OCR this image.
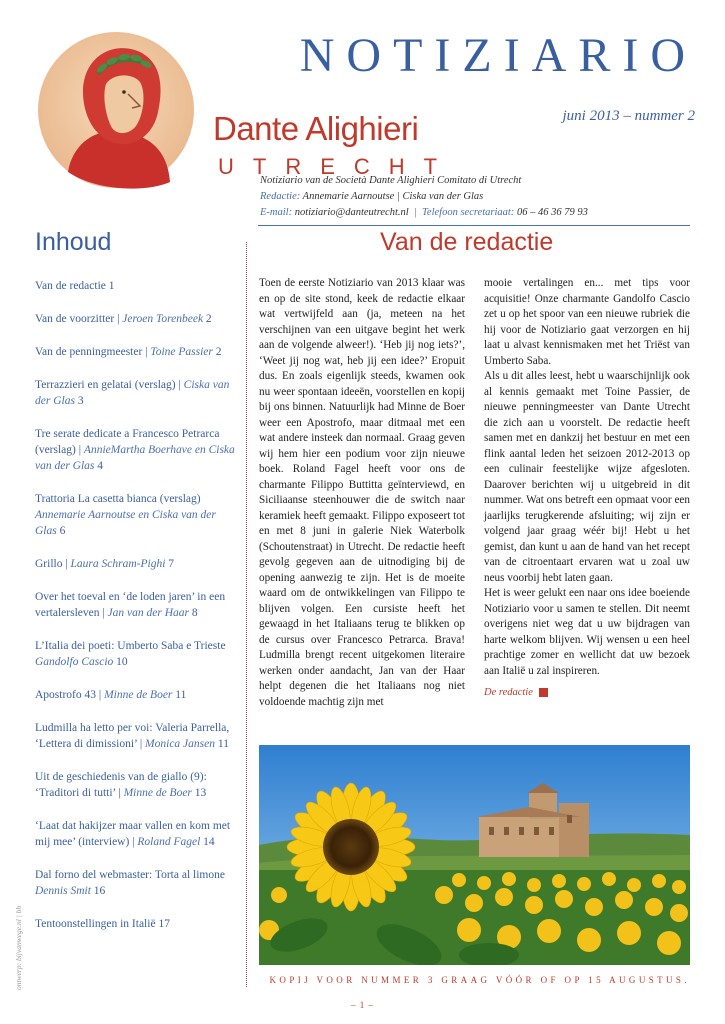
Dante Alighieri
UTRECHT
NOTIZIARIO
juni 2013 – nummer 2
Notiziario van de Società Dante Alighieri Comitato di Utrecht
Redactie: Annemarie Aarnoutse | Ciska van der Glas
E-mail: notiziario@danteutrecht.nl | Telefoon secretariaat: 06 – 46 36 79 93
Inhoud	Van de redactie
Van de redactie 1
Van de voorzitter | Jeroen Torenbeek 2
Van de penningmeester | Toine Passier 2
Terrazzieri en gelatai (verslag) | Ciska van der Glas 3
Tre serate dedicate a Francesco Petrarca (verslag) | AnnieMartha Boerhave en Ciska van der Glas 4
Trattoria La casetta bianca (verslag) Annemarie Aarnoutse en Ciska van der Glas 6
Grillo | Laura Schram-Pighi 7
Over het toeval en ‘de loden jaren’ in een vertalersleven | Jan van der Haar 8
L’Italia dei poeti: Umberto Saba e Trieste Gandolfo Cascio 10
Apostrofo 43 | Minne de Boer 11
Ludmilla ha letto per voi: Valeria Parrella, ‘Lettera di dimissioni’ | Monica Jansen 11
Uit de geschiedenis van de giallo (9): ‘Traditori di tutti’ | Minne de Boer 13
‘Laat dat hakijzer maar vallen en kom met mij mee’ (interview) | Roland Fagel 14
Dal forno del webmaster: Torta al limone Dennis Smit 16
Tentoonstellingen in Italië 17
ontwerp: bijvanwege.nl | bh

Toen de eerste Notiziario van 2013 klaar was en op de site stond, keek de redactie elkaar wat vertwijfeld aan (ja, meteen na het verschijnen van een uitgave begint het werk aan de volgende alweer!). ‘Heb jij nog iets?’, ‘Weet jij nog wat, heb jij een idee?’ Eropuit dus. En zoals eigenlijk steeds, kwamen ook nu weer spontaan ideeën, voorstellen en kopij bij ons binnen. Natuurlijk had Minne de Boer weer een Apostrofo, maar ditmaal met een wat andere insteek dan normaal. Graag geven wij hem hier een podium voor zijn nieuwe boek. Roland Fagel heeft voor ons de charmante Filippo Buttitta geïnterviewd, en Siciliaanse steenhouwer die de switch naar keramiek heeft gemaakt. Filippo exposeert tot en met 8 juni in galerie Niek Waterbolk (Schoutenstraat) in Utrecht. De redactie heeft gevolg gegeven aan de uitnodiging bij de opening aanwezig te zijn. Het is de moeite waard om de ontwikkelingen van Filippo te blijven volgen. Een cursiste heeft het gewaagd in het Italiaans terug te blikken op de cursus over Francesco Petrarca. Brava! Ludmilla brengt recent uitgekomen literaire werken onder aandacht, Jan van der Haar helpt degenen die het Italiaans nog niet voldoende machtig zijn met

mooie vertalingen en... met tips voor acquisitie! Onze charmante Gandolfo Cascio zet u op het spoor van een nieuwe rubriek die hij voor de Notiziario gaat verzorgen en hij laat u alvast kennismaken met het Triëst van Umberto Saba.

Als u dit alles leest, hebt u waarschijnlijk ook al kennis gemaakt met Toine Passier, de nieuwe penningmeester van Dante Utrecht die zich aan u voorstelt. De redactie heeft samen met en dankzij het bestuur en met een flink aantal leden het seizoen 2012-2013 op een culinair feestelijke wijze afgesloten. Daarover berichten wij u uitgebreid in dit nummer. Wat ons betreft een opmaat voor een jaarlijks terugkerende afsluiting; wij zijn er volgend jaar graag wéér bij! Hebt u het gemist, dan kunt u aan de hand van het recept van de citroentaart ervaren wat u zoal uw neus voorbij hebt laten gaan.

Het is weer gelukt een naar ons idee boeiende Notiziario voor u samen te stellen. Dit neemt overigens niet weg dat u uw bijdragen van harte welkom blijven. Wij wensen u een heel prachtige zomer en wellicht dat uw bezoek aan Italië u zal inspireren.

De redactie
KOPIJ VOOR NUMMER 3 GRAAG VÓÓR OF OP 15 AUGUSTUS.
– 1 –
